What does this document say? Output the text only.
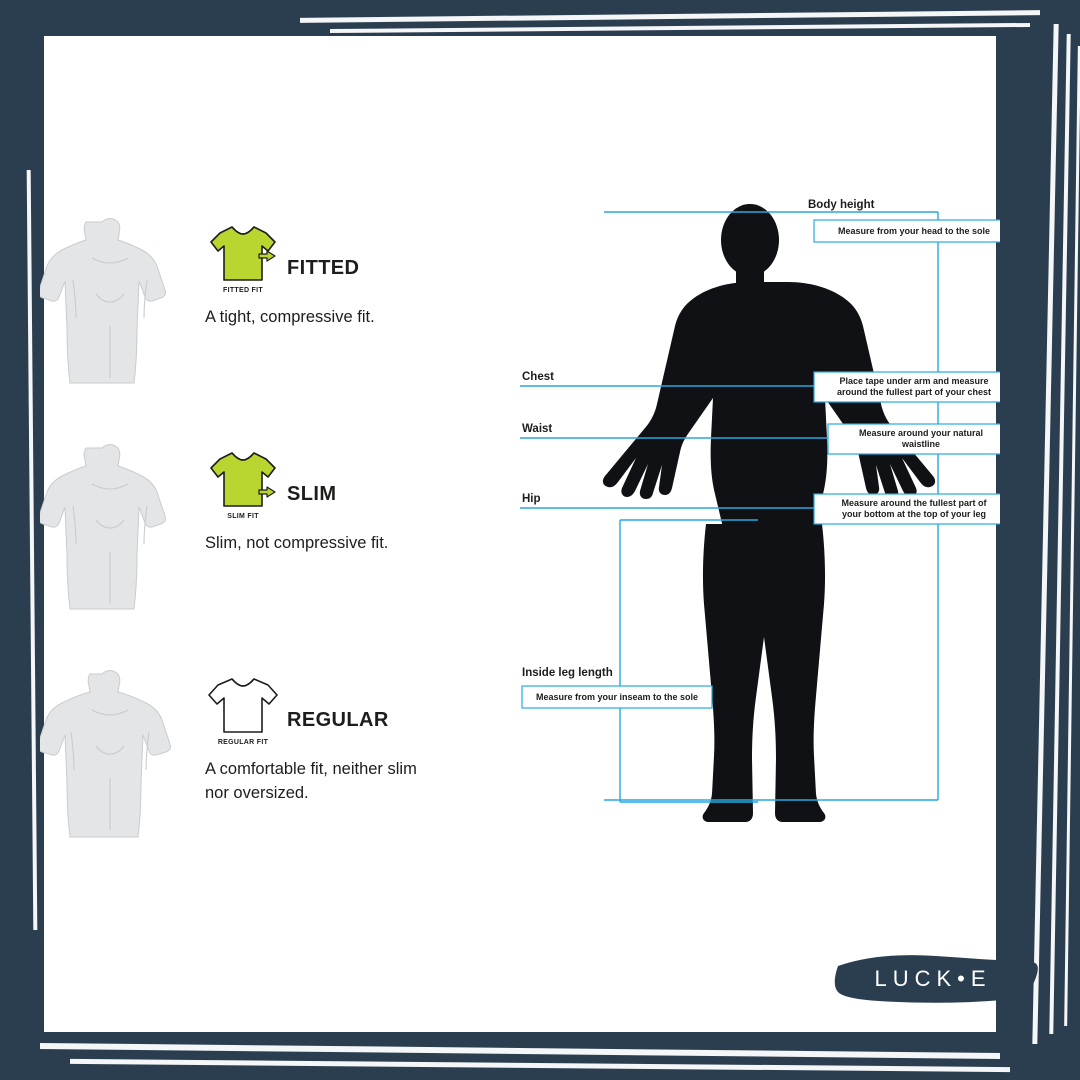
FITTED FIT
FITTED
A tight, compressive fit.
SLIM FIT
SLIM
Slim, not compressive fit.
REGULAR FIT
REGULAR
A comfortable fit, neither slim nor oversized.
Body height
Measure from your head to the sole
Chest	Place tape under arm and measure
around the fullest part of your chest
Waist	Measure around your natural
waistline
Hip	Measure around the fullest part of
your bottom at the top of your leg
Inside leg length
Measure from your inseam to the sole
LUCK•E
